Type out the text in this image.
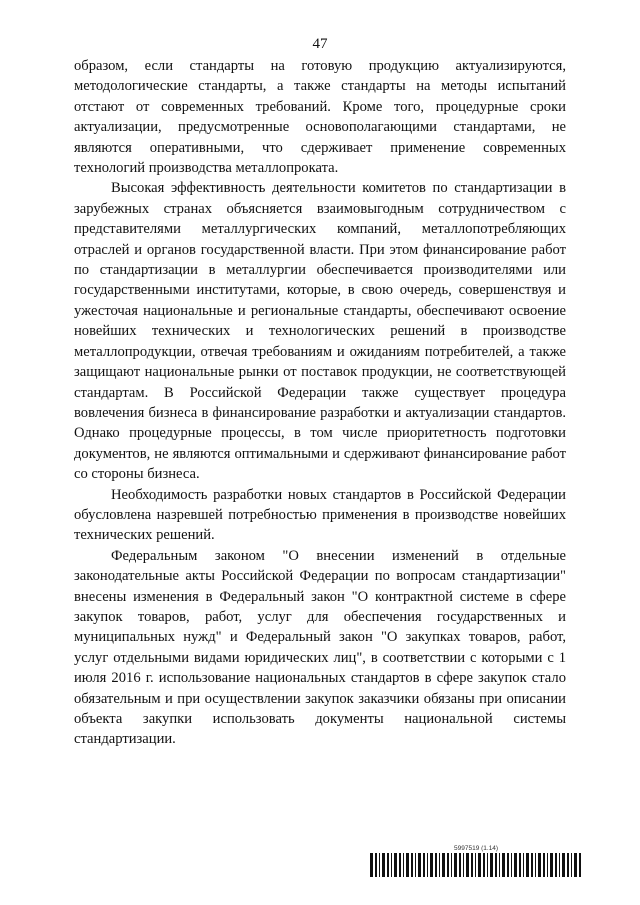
47

образом, если стандарты на готовую продукцию актуализируются, методологические стандарты, а также стандарты на методы испытаний отстают от современных требований. Кроме того, процедурные сроки актуализации, предусмотренные основополагающими стандартами, не являются оперативными, что сдерживает применение современных технологий производства металлопроката.

Высокая эффективность деятельности комитетов по стандартизации в зарубежных странах объясняется взаимовыгодным сотрудничеством с представителями металлургических компаний, металлопотребляющих отраслей и органов государственной власти. При этом финансирование работ по стандартизации в металлургии обеспечивается производителями или государственными институтами, которые, в свою очередь, совершенствуя и ужесточая национальные и региональные стандарты, обеспечивают освоение новейших технических и технологических решений в производстве металлопродукции, отвечая требованиям и ожиданиям потребителей, а также защищают национальные рынки от поставок продукции, не соответствующей стандартам. В Российской Федерации также существует процедура вовлечения бизнеса в финансирование разработки и актуализации стандартов. Однако процедурные процессы, в том числе приоритетность подготовки документов, не являются оптимальными и сдерживают финансирование работ со стороны бизнеса.

Необходимость разработки новых стандартов в Российской Федерации обусловлена назревшей потребностью применения в производстве новейших технических решений.

Федеральным законом "О внесении изменений в отдельные законодательные акты Российской Федерации по вопросам стандартизации" внесены изменения в Федеральный закон "О контрактной системе в сфере закупок товаров, работ, услуг для обеспечения государственных и муниципальных нужд" и Федеральный закон "О закупках товаров, работ, услуг отдельными видами юридических лиц", в соответствии с которыми с 1 июля 2016 г. использование национальных стандартов в сфере закупок стало обязательным и при осуществлении закупок заказчики обязаны при описании объекта закупки использовать документы национальной системы стандартизации.

5997519 (1.14)
